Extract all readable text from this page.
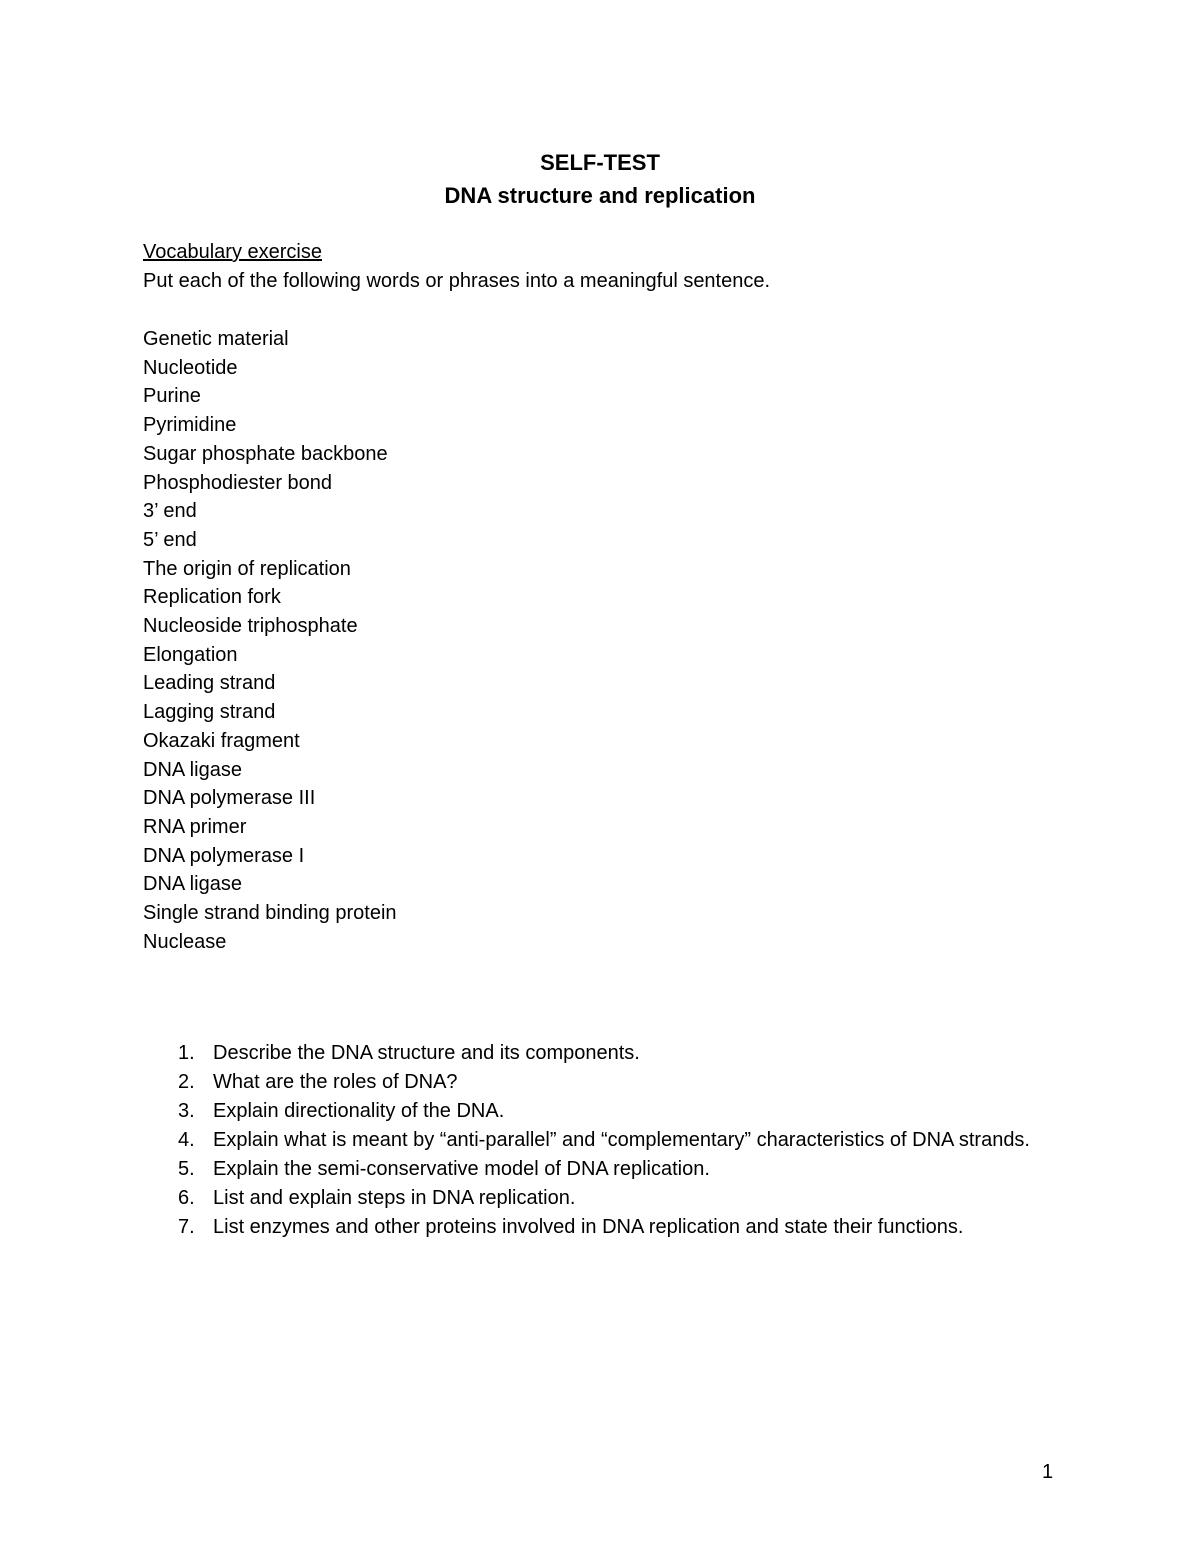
SELF-TEST
DNA structure and replication
Vocabulary exercise
Put each of the following words or phrases into a meaningful sentence.
Genetic material
Nucleotide
Purine
Pyrimidine
Sugar phosphate backbone
Phosphodiester bond
3’ end
5’ end
The origin of replication
Replication fork
Nucleoside triphosphate
Elongation
Leading strand
Lagging strand
Okazaki fragment
DNA ligase
DNA polymerase III
RNA primer
DNA polymerase I
DNA ligase
Single strand binding protein
Nuclease
1. Describe the DNA structure and its components.
2. What are the roles of DNA?
3. Explain directionality of the DNA.
4. Explain what is meant by “anti-parallel” and “complementary” characteristics of DNA strands.
5. Explain the semi-conservative model of DNA replication.
6. List and explain steps in DNA replication.
7. List enzymes and other proteins involved in DNA replication and state their functions.
1
